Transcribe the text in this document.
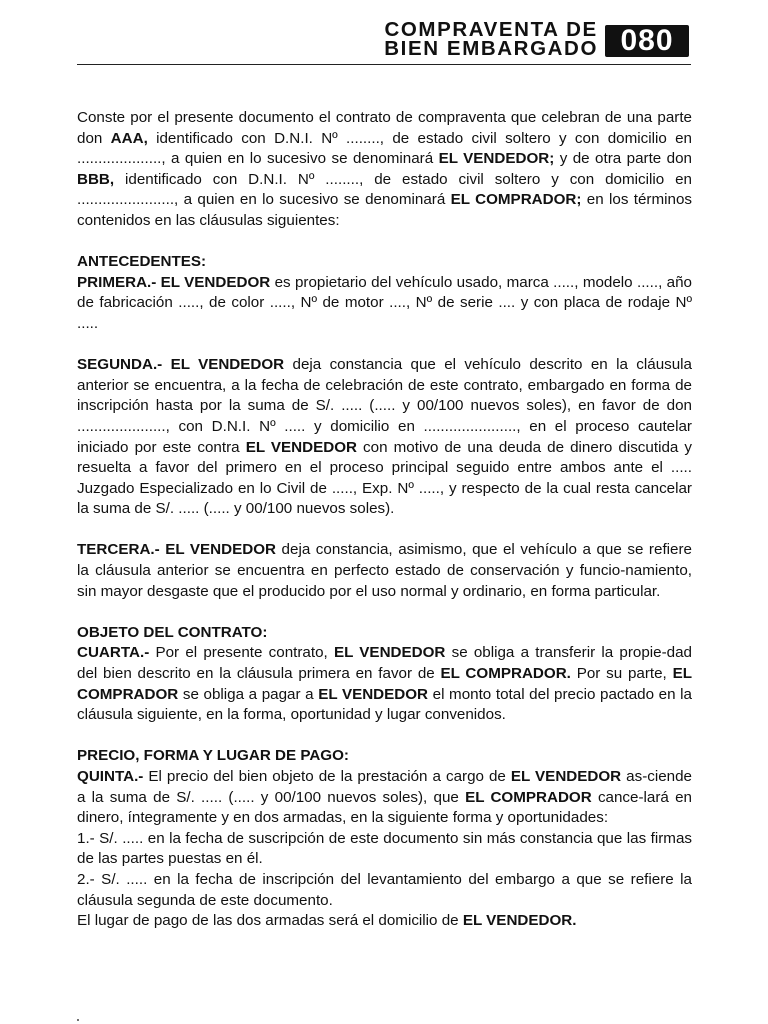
COMPRAVENTA DE
BIEN EMBARGADO 080

Conste por el presente documento el contrato de compraventa que celebran de una parte don AAA, identificado con D.N.I. Nº ........, de estado civil soltero y con domicilio en ...................., a quien en lo sucesivo se denominará EL VENDEDOR; y de otra parte don BBB, identificado con D.N.I. Nº ........, de estado civil soltero y con domicilio en ......................., a quien en lo sucesivo se denominará EL COMPRADOR; en los términos contenidos en las cláusulas siguientes:

ANTECEDENTES:

PRIMERA.- EL VENDEDOR es propietario del vehículo usado, marca ....., modelo ....., año de fabricación ....., de color ....., Nº de motor ...., Nº de serie .... y con placa de rodaje Nº .....

SEGUNDA.- EL VENDEDOR deja constancia que el vehículo descrito en la cláusula anterior se encuentra, a la fecha de celebración de este contrato, embargado en forma de inscripción hasta por la suma de S/. ..... (..... y 00/100 nuevos soles), en favor de don ....................., con D.N.I. Nº ..... y domicilio en ......................, en el proceso cautelar iniciado por este contra EL VENDEDOR con motivo de una deuda de dinero discutida y resuelta a favor del primero en el proceso principal seguido entre ambos ante el ..... Juzgado Especializado en lo Civil de ....., Exp. Nº ....., y respecto de la cual resta cancelar la suma de S/. ..... (..... y 00/100 nuevos soles).

TERCERA.- EL VENDEDOR deja constancia, asimismo, que el vehículo a que se refiere la cláusula anterior se encuentra en perfecto estado de conservación y funcio-namiento, sin mayor desgaste que el producido por el uso normal y ordinario, en forma particular.

OBJETO DEL CONTRATO:

CUARTA.- Por el presente contrato, EL VENDEDOR se obliga a transferir la propie-dad del bien descrito en la cláusula primera en favor de EL COMPRADOR. Por su parte, EL COMPRADOR se obliga a pagar a EL VENDEDOR el monto total del precio pactado en la cláusula siguiente, en la forma, oportunidad y lugar convenidos.

PRECIO, FORMA Y LUGAR DE PAGO:

QUINTA.- El precio del bien objeto de la prestación a cargo de EL VENDEDOR as-ciende a la suma de S/. ..... (..... y 00/100 nuevos soles), que EL COMPRADOR cance-lará en dinero, íntegramente y en dos armadas, en la siguiente forma y oportunidades:

1.- S/. ..... en la fecha de suscripción de este documento sin más constancia que las firmas de las partes puestas en él.

2.- S/. ..... en la fecha de inscripción del levantamiento del embargo a que se refiere la cláusula segunda de este documento.

El lugar de pago de las dos armadas será el domicilio de EL VENDEDOR.
